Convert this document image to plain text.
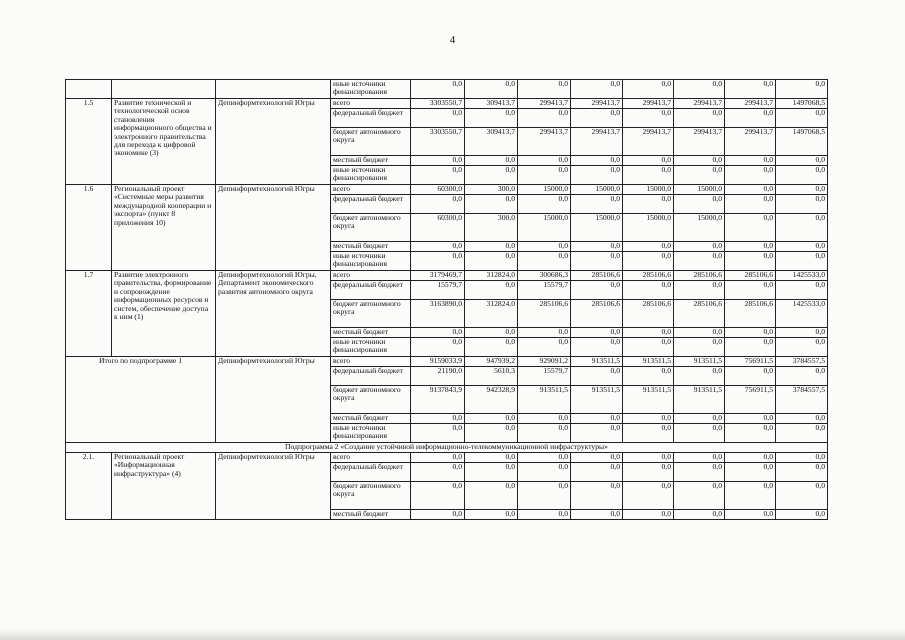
4
			иные источники финансирования	0,0	0,0	0,0	0,0	0,0	0,0	0,0	0,0
1.5	Развитие технической и технологической основ становления информационного общества и электронного правительства для перехода к цифровой экономике (3)	Депинформтехнологий Югры	всего	3303550,7	309413,7	299413,7	299413,7	299413,7	299413,7	299413,7	1497068,5
			федеральный бюджет	0,0	0,0	0,0	0,0	0,0	0,0	0,0	0,0
			бюджет автономного округа	3303550,7	309413,7	299413,7	299413,7	299413,7	299413,7	299413,7	1497068,5
			местный бюджет	0,0	0,0	0,0	0,0	0,0	0,0	0,0	0,0
			иные источники финансирования	0,0	0,0	0,0	0,0	0,0	0,0	0,0	0,0
1.6	Региональный проект «Системные меры развития международной кооперации и экспорта» (пункт 8 приложения 10)	Депинформтехнологий Югры	всего	60300,0	300,0	15000,0	15000,0	15000,0	15000,0	0,0	0,0
			федеральный бюджет	0,0	0,0	0,0	0,0	0,0	0,0	0,0	0,0
			бюджет автономного округа	60300,0	300,0	15000,0	15000,0	15000,0	15000,0	0,0	0,0
			местный бюджет	0,0	0,0	0,0	0,0	0,0	0,0	0,0	0,0
			иные источники финансирования	0,0	0,0	0,0	0,0	0,0	0,0	0,0	0,0
1.7	Развитие электронного правительства, формирование и сопровождение информационных ресурсов и систем, обеспечение доступа к ним (1)	Депинформтехнологий Югры, Департамент экономического развития автономного округа	всего	3179469,7	312824,0	300686,3	285106,6	285106,6	285106,6	285106,6	1425533,0
			федеральный бюджет	15579,7	0,0	15579,7	0,0	0,0	0,0	0,0	0,0
			бюджет автономного округа	3163890,0	312824,0	285106,6	285106,6	285106,6	285106,6	285106,6	1425533,0
			местный бюджет	0,0	0,0	0,0	0,0	0,0	0,0	0,0	0,0
			иные источники финансирования	0,0	0,0	0,0	0,0	0,0	0,0	0,0	0,0
Итого по подпрограмме 1		Депинформтехнологий Югры	всего	9159033,9	947939,2	929091,2	913511,5	913511,5	913511,5	756911,5	3784557,5
			федеральный бюджет	21190,0	5610,3	15579,7	0,0	0,0	0,0	0,0	0,0
			бюджет автономного округа	9137843,9	942328,9	913511,5	913511,5	913511,5	913511,5	756911,5	3784557,5
			местный бюджет	0,0	0,0	0,0	0,0	0,0	0,0	0,0	0,0
			иные источники финансирования	0,0	0,0	0,0	0,0	0,0	0,0	0,0	0,0
Подпрограмма 2 «Создание устойчивой информационно-телекоммуникационной инфраструктуры»											
2.1.	Региональный проект «Информационная инфраструктура» (4)	Депинформтехнологий Югры	всего	0,0	0,0	0,0	0,0	0,0	0,0	0,0	0,0
			федеральный бюджет	0,0	0,0	0,0	0,0	0,0	0,0	0,0	0,0
			бюджет автономного округа	0,0	0,0	0,0	0,0	0,0	0,0	0,0	0,0
			местный бюджет	0,0	0,0	0,0	0,0	0,0	0,0	0,0	0,0
